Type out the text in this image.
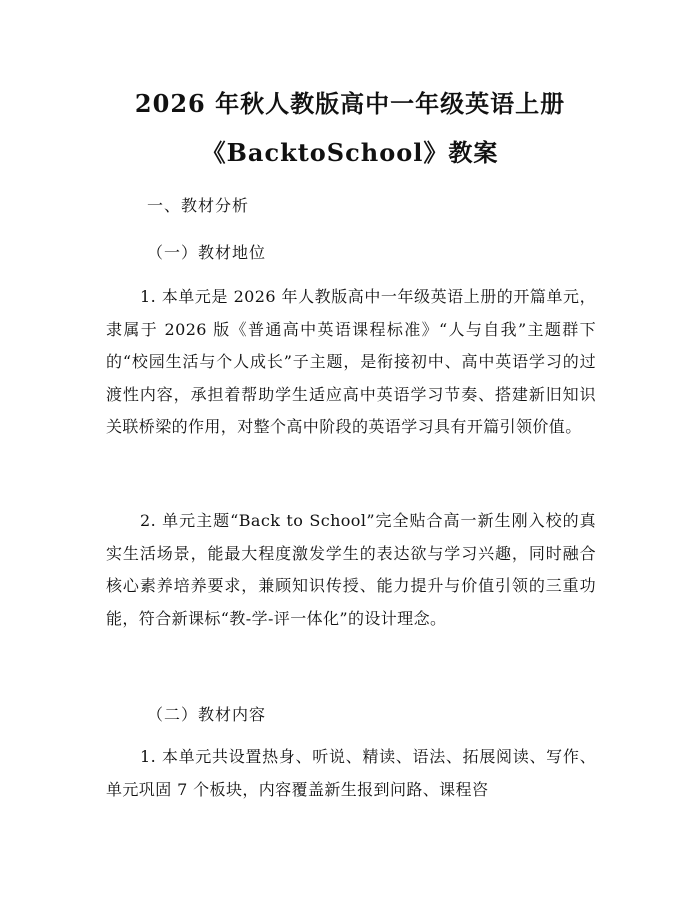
2026 年秋人教版高中一年级英语上册
《BacktoSchool》教案
一、教材分析
（一）教材地位
1. 本单元是 2026 年人教版高中一年级英语上册的开篇单元，隶属于 2026 版《普通高中英语课程标准》“人与自我”主题群下的“校园生活与个人成长”子主题，是衔接初中、高中英语学习的过渡性内容，承担着帮助学生适应高中英语学习节奏、搭建新旧知识关联桥梁的作用，对整个高中阶段的英语学习具有开篇引领价值。
2. 单元主题“Back to School”完全贴合高一新生刚入校的真实生活场景，能最大程度激发学生的表达欲与学习兴趣，同时融合核心素养培养要求，兼顾知识传授、能力提升与价值引领的三重功能，符合新课标“教-学-评一体化”的设计理念。
（二）教材内容
1. 本单元共设置热身、听说、精读、语法、拓展阅读、写作、单元巩固 7 个板块，内容覆盖新生报到问路、课程咨
